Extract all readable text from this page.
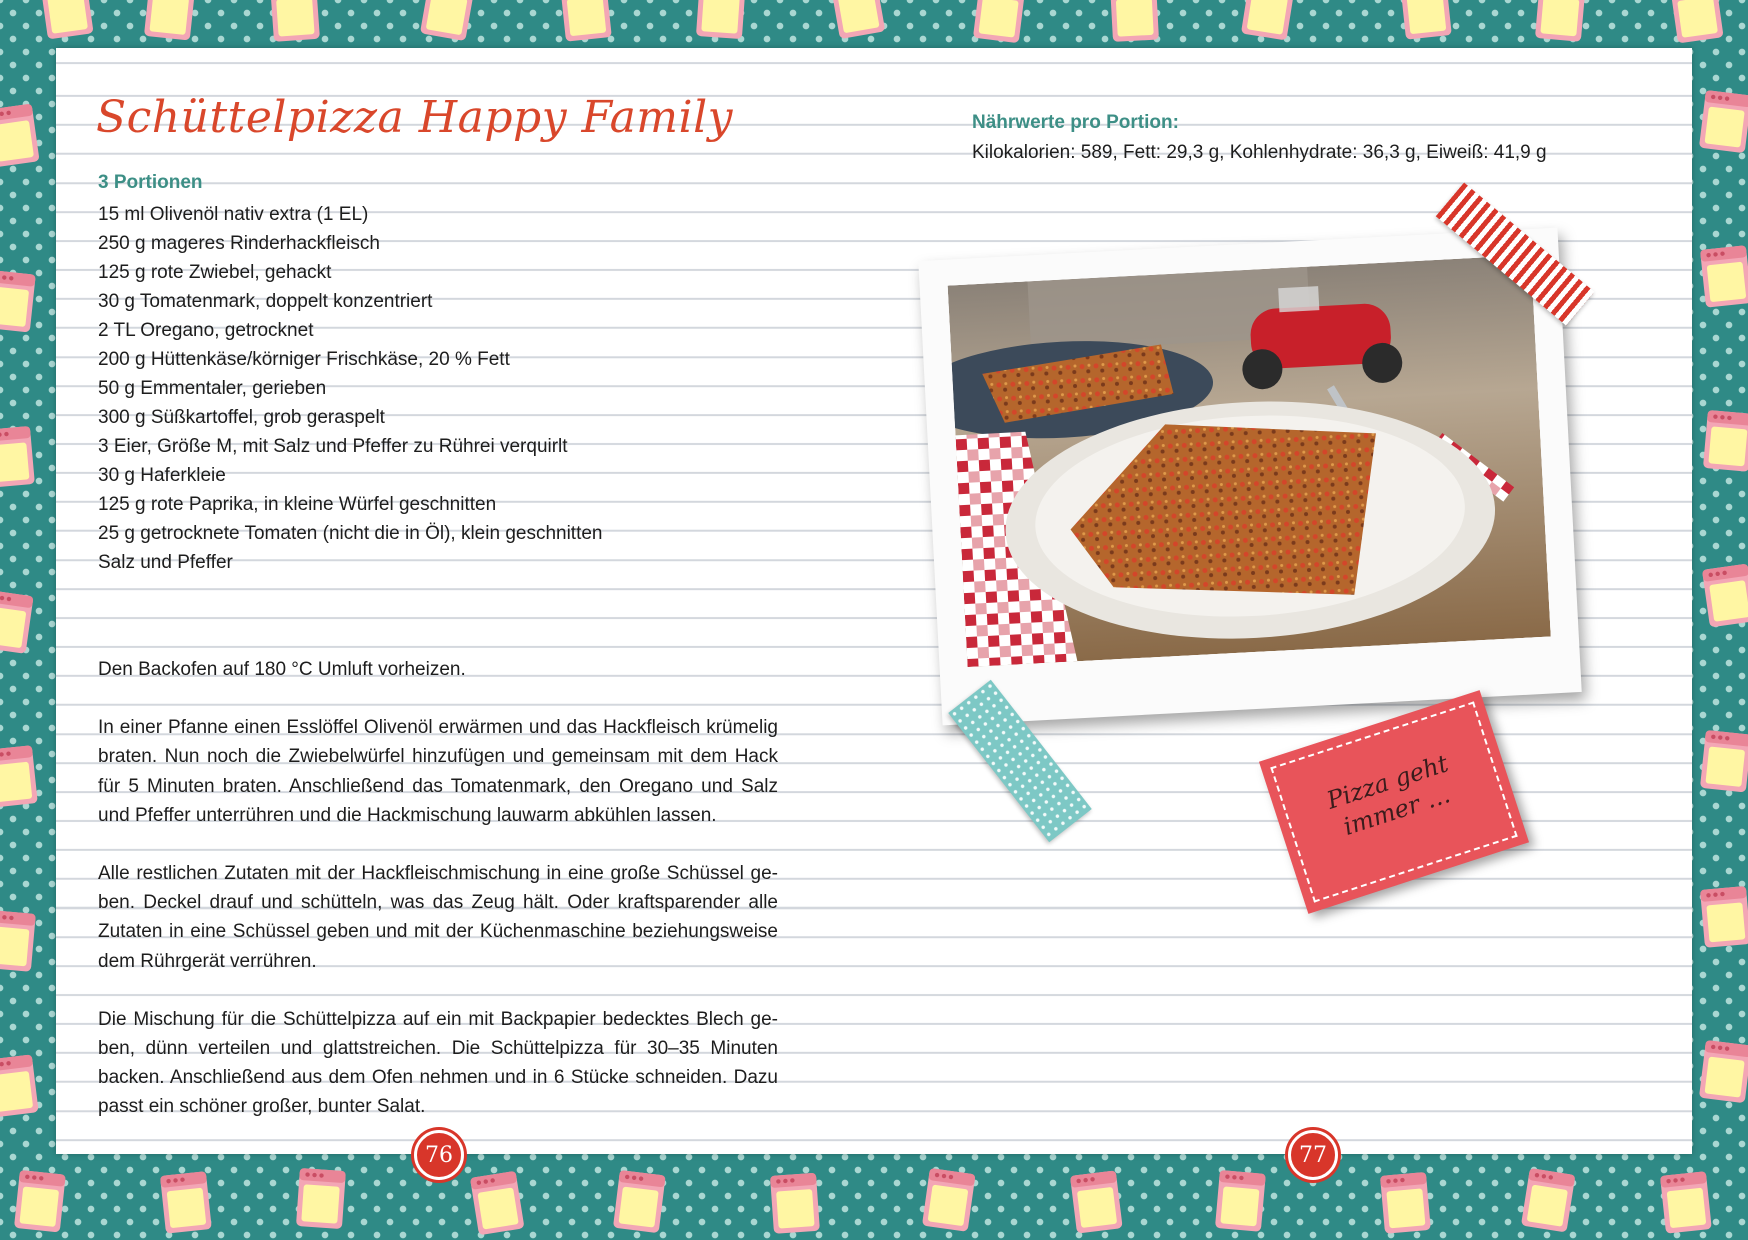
Schüttelpizza Happy Family
3 Portionen
15 ml Olivenöl nativ extra (1 EL)
250 g mageres Rinderhackfleisch
125 g rote Zwiebel, gehackt
30 g Tomatenmark, doppelt konzentriert
2 TL Oregano, getrocknet
200 g Hüttenkäse/körniger Frischkäse, 20 % Fett
50 g Emmentaler, gerieben
300 g Süßkartoffel, grob geraspelt
3 Eier, Größe M, mit Salz und Pfeffer zu Rührei verquirlt
30 g Haferkleie
125 g rote Paprika, in kleine Würfel geschnitten
25 g getrocknete Tomaten (nicht die in Öl), klein geschnitten
Salz und Pfeffer

Den Backofen auf 180 °C Umluft vorheizen.

In einer Pfanne einen Esslöffel Olivenöl erwärmen und das Hackfleisch krümelig braten. Nun noch die Zwiebelwürfel hinzufügen und gemeinsam mit dem Hack für 5 Minuten braten. Anschließend das Tomatenmark, den Oregano und Salz und Pfeffer unterrühren und die Hackmischung lauwarm abkühlen lassen.

Alle restlichen Zutaten mit der Hackfleischmischung in eine große Schüssel geben. Deckel drauf und schütteln, was das Zeug hält. Oder kraftsparender alle Zutaten in eine Schüssel geben und mit der Küchenmaschine beziehungsweise dem Rührgerät verrühren.

Die Mischung für die Schüttelpizza auf ein mit Backpapier bedecktes Blech geben, dünn verteilen und glattstreichen. Die Schüttelpizza für 30–35 Minuten backen. Anschließend aus dem Ofen nehmen und in 6 Stücke schneiden. Dazu passt ein schöner großer, bunter Salat.

Nährwerte pro Portion:
Kilokalorien: 589, Fett: 29,3 g, Kohlenhydrate: 36,3 g, Eiweiß: 41,9 g
Pizza geht
immer …
76	77
